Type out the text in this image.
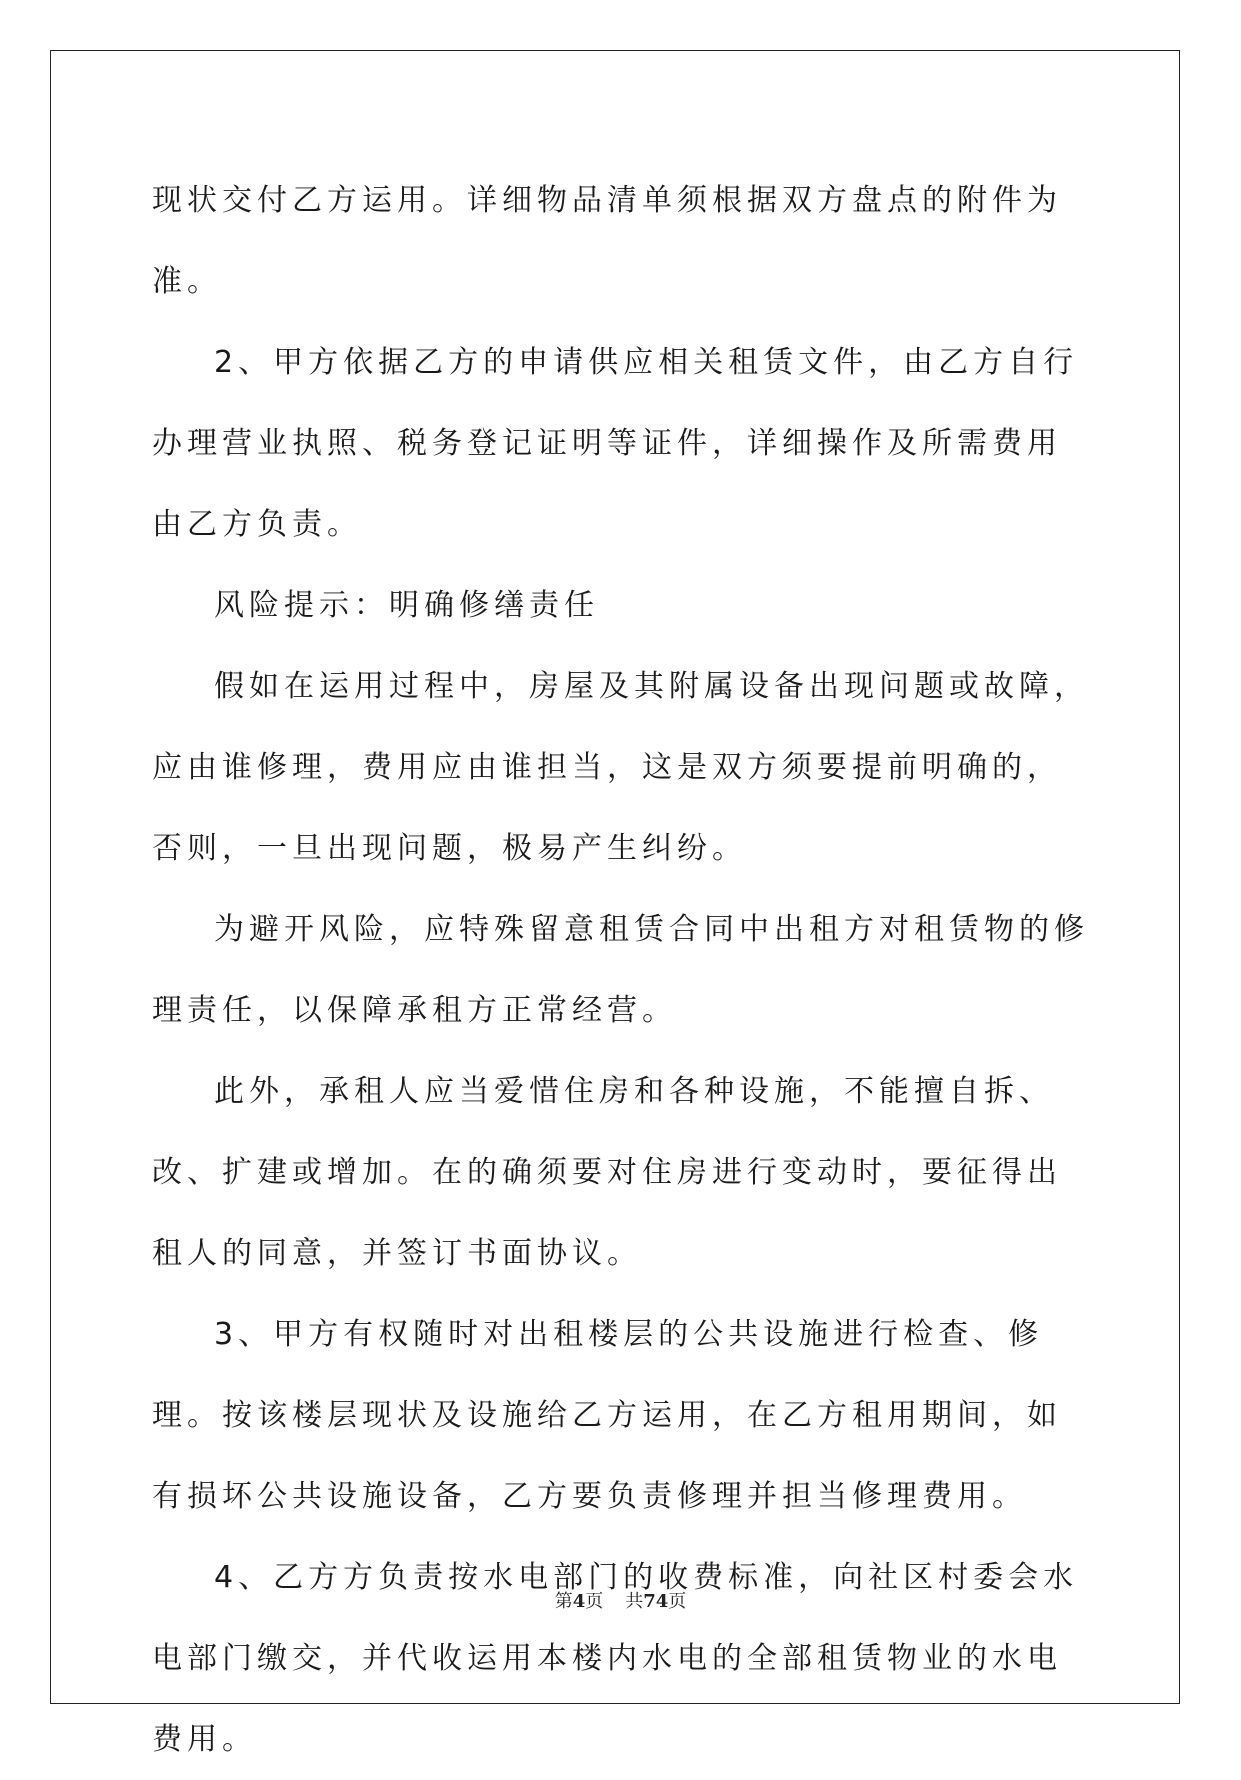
现状交付乙方运用。详细物品清单须根据双方盘点的附件为准。

2、甲方依据乙方的申请供应相关租赁文件，由乙方自行办理营业执照、税务登记证明等证件，详细操作及所需费用由乙方负责。

风险提示：明确修缮责任

假如在运用过程中，房屋及其附属设备出现问题或故障，应由谁修理，费用应由谁担当，这是双方须要提前明确的，否则，一旦出现问题，极易产生纠纷。

为避开风险，应特殊留意租赁合同中出租方对租赁物的修理责任，以保障承租方正常经营。

此外，承租人应当爱惜住房和各种设施，不能擅自拆、改、扩建或增加。在的确须要对住房进行变动时，要征得出租人的同意，并签订书面协议。

3、甲方有权随时对出租楼层的公共设施进行检查、修理。按该楼层现状及设施给乙方运用，在乙方租用期间，如有损坏公共设施设备，乙方要负责修理并担当修理费用。

4、乙方方负责按水电部门的收费标准，向社区村委会水电部门缴交，并代收运用本楼内水电的全部租赁物业的水电费用。

第4页 共74页
